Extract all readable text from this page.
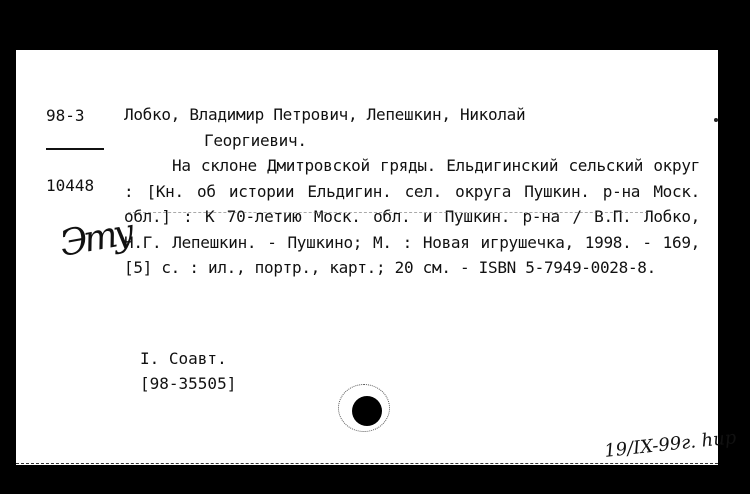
98-3
10448
Эту

Лобко, Владимир Петрович, Лепешкин, Николай
Георгиевич.

На склоне Дмитровской гряды. Ельдигинский сельский округ : [Кн. об истории Ельдигин. сел. округа Пушкин. р-на Моск. обл.] : К 70-летию Моск. обл. и Пушкин. р-на / В.П. Лобко, Н.Г. Лепешкин. - Пушкино; М. : Новая игрушечка, 1998. - 169, [5] с. : ил., портр., карт.; 20 см. - ISBN 5-7949-0028-8.

I. Соавт.
[98-35505]
19/IX-99г. hup
